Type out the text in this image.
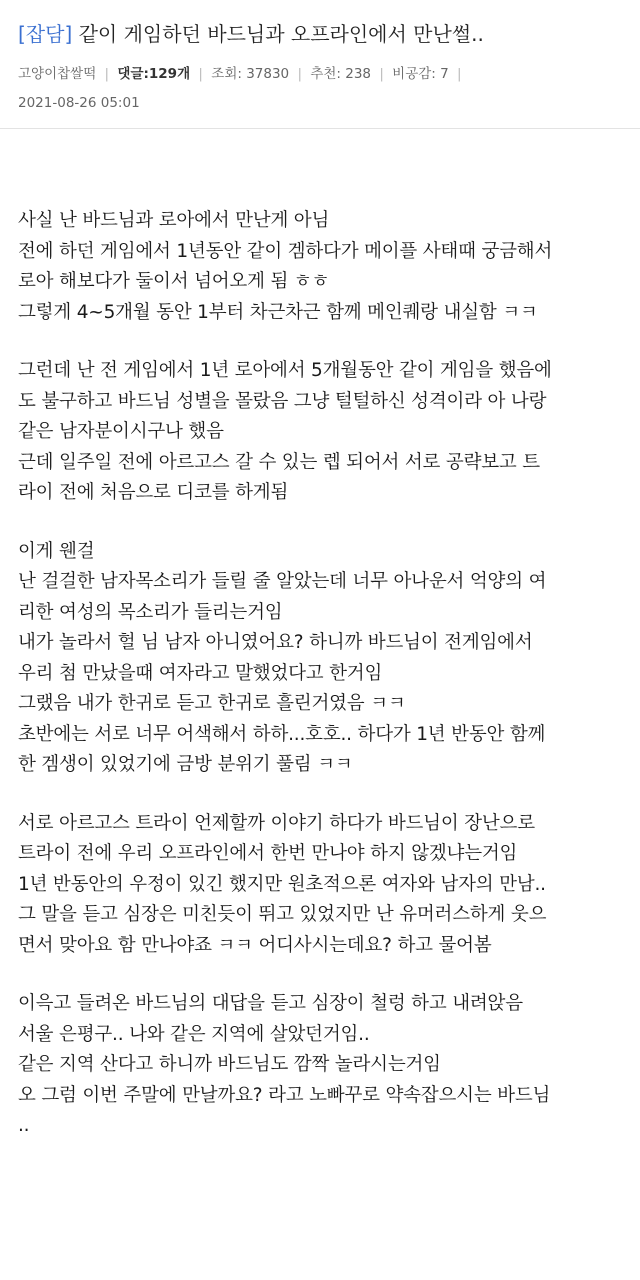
[잡담] 같이 게임하던 바드님과 오프라인에서 만난썰..
고양이찹쌀떡 | 댓글:129개 | 조회: 37830 | 추천: 238 | 비공감: 7 |
2021-08-26 05:01
사실 난 바드님과 로아에서 만난게 아님
전에 하던 게임에서 1년동안 같이 겜하다가 메이플 사태때 궁금해서
로아 해보다가 둘이서 넘어오게 됨 ㅎㅎ
그렇게 4~5개월 동안 1부터 차근차근 함께 메인퀘랑 내실함 ㅋㅋ
그런데 난 전 게임에서 1년 로아에서 5개월동안 같이 게임을 했음에
도 불구하고 바드님 성별을 몰랐음 그냥 털털하신 성격이라 아 나랑
같은 남자분이시구나 했음
근데 일주일 전에 아르고스 갈 수 있는 렙 되어서 서로 공략보고 트
라이 전에 처음으로 디코를 하게됨
이게 웬걸
난 걸걸한 남자목소리가 들릴 줄 알았는데 너무 아나운서 억양의 여
리한 여성의 목소리가 들리는거임
내가 놀라서 헐 님 남자 아니였어요? 하니까 바드님이 전게임에서
우리 첨 만났을때 여자라고 말했었다고 한거임
그랬음 내가 한귀로 듣고 한귀로 흘린거였음 ㅋㅋ
초반에는 서로 너무 어색해서 하하...호호.. 하다가 1년 반동안 함께
한 겜생이 있었기에 금방 분위기 풀림 ㅋㅋ
서로 아르고스 트라이 언제할까 이야기 하다가 바드님이 장난으로
트라이 전에 우리 오프라인에서 한번 만나야 하지 않겠냐는거임
1년 반동안의 우정이 있긴 했지만 원초적으론 여자와 남자의 만남..
그 말을 듣고 심장은 미친듯이 뛰고 있었지만 난 유머러스하게 웃으
면서 맞아요 함 만나야죠 ㅋㅋ 어디사시는데요? 하고 물어봄
이윽고 들려온 바드님의 대답을 듣고 심장이 철렁 하고 내려앉음
서울 은평구.. 나와 같은 지역에 살았던거임..
같은 지역 산다고 하니까 바드님도 깜짝 놀라시는거임
오 그럼 이번 주말에 만날까요? 라고 노빠꾸로 약속잡으시는 바드님
..
